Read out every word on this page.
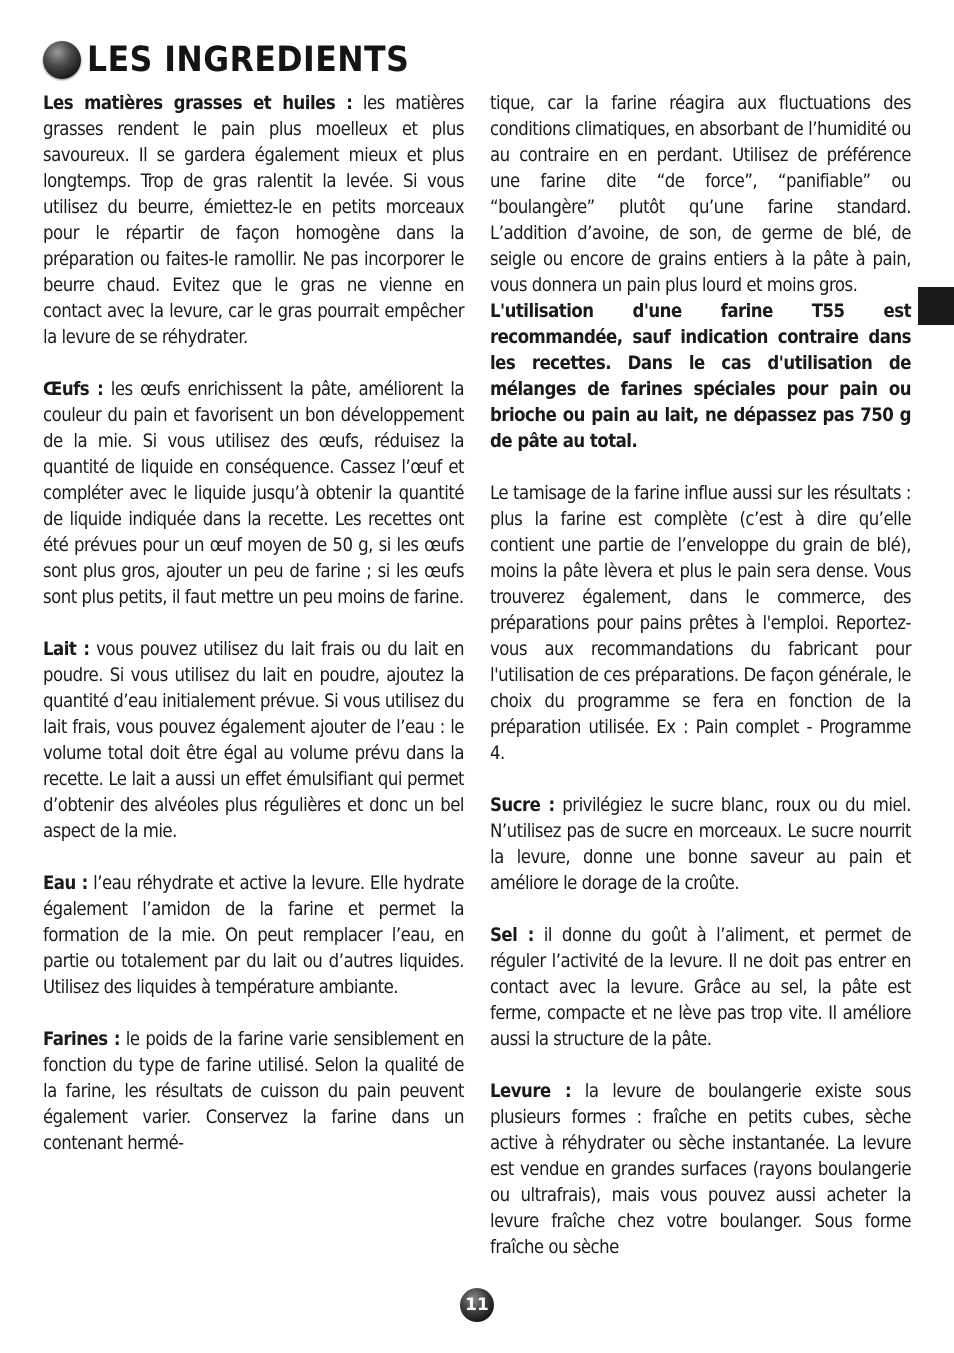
LES INGREDIENTS

Les matières grasses et huiles : les matières grasses rendent le pain plus moelleux et plus savoureux. Il se gardera également mieux et plus longtemps. Trop de gras ralentit la levée. Si vous utilisez du beurre, émiettez-le en petits morceaux pour le répartir de façon homogène dans la préparation ou faites-le ramollir. Ne pas incorporer le beurre chaud. Evitez que le gras ne vienne en contact avec la levure, car le gras pourrait empêcher la levure de se réhydrater.

Œufs : les œufs enrichissent la pâte, améliorent la couleur du pain et favorisent un bon développement de la mie. Si vous utilisez des œufs, réduisez la quantité de liquide en conséquence. Cassez l’œuf et compléter avec le liquide jusqu’à obtenir la quantité de liquide indiquée dans la recette. Les recettes ont été prévues pour un œuf moyen de 50 g, si les œufs sont plus gros, ajouter un peu de farine ; si les œufs sont plus petits, il faut mettre un peu moins de farine.

Lait : vous pouvez utilisez du lait frais ou du lait en poudre. Si vous utilisez du lait en poudre, ajoutez la quantité d’eau initialement prévue. Si vous utilisez du lait frais, vous pouvez également ajouter de l’eau : le volume total doit être égal au volume prévu dans la recette. Le lait a aussi un effet émulsifiant qui permet d’obtenir des alvéoles plus régulières et donc un bel aspect de la mie.

Eau : l’eau réhydrate et active la levure. Elle hydrate également l’amidon de la farine et permet la formation de la mie. On peut remplacer l’eau, en partie ou totalement par du lait ou d’autres liquides. Utilisez des liquides à température ambiante.

Farines : le poids de la farine varie sensiblement en fonction du type de farine utilisé. Selon la qualité de la farine, les résultats de cuisson du pain peuvent également varier. Conservez la farine dans un contenant hermé-

tique, car la farine réagira aux fluctuations des conditions climatiques, en absorbant de l’humidité ou au contraire en en perdant. Utilisez de préférence une farine dite “de force”, “panifiable” ou “boulangère” plutôt qu’une farine standard. L’addition d’avoine, de son, de germe de blé, de seigle ou encore de grains entiers à la pâte à pain, vous donnera un pain plus lourd et moins gros.

L'utilisation d'une farine T55 est recommandée, sauf indication contraire dans les recettes. Dans le cas d'utilisation de mélanges de farines spéciales pour pain ou brioche ou pain au lait, ne dépassez pas 750 g de pâte au total.

Le tamisage de la farine influe aussi sur les résultats : plus la farine est complète (c’est à dire qu’elle contient une partie de l’enveloppe du grain de blé), moins la pâte lèvera et plus le pain sera dense. Vous trouverez également, dans le commerce, des préparations pour pains prêtes à l'emploi. Reportez-vous aux recommandations du fabricant pour l'utilisation de ces préparations. De façon générale, le choix du programme se fera en fonction de la préparation utilisée. Ex : Pain complet - Programme 4.

Sucre : privilégiez le sucre blanc, roux ou du miel. N’utilisez pas de sucre en morceaux. Le sucre nourrit la levure, donne une bonne saveur au pain et améliore le dorage de la croûte.

Sel : il donne du goût à l’aliment, et permet de réguler l’activité de la levure. Il ne doit pas entrer en contact avec la levure. Grâce au sel, la pâte est ferme, compacte et ne lève pas trop vite. Il améliore aussi la structure de la pâte.

Levure : la levure de boulangerie existe sous plusieurs formes : fraîche en petits cubes, sèche active à réhydrater ou sèche instantanée. La levure est vendue en grandes surfaces (rayons boulangerie ou ultrafrais), mais vous pouvez aussi acheter la levure fraîche chez votre boulanger. Sous forme fraîche ou sèche

11
